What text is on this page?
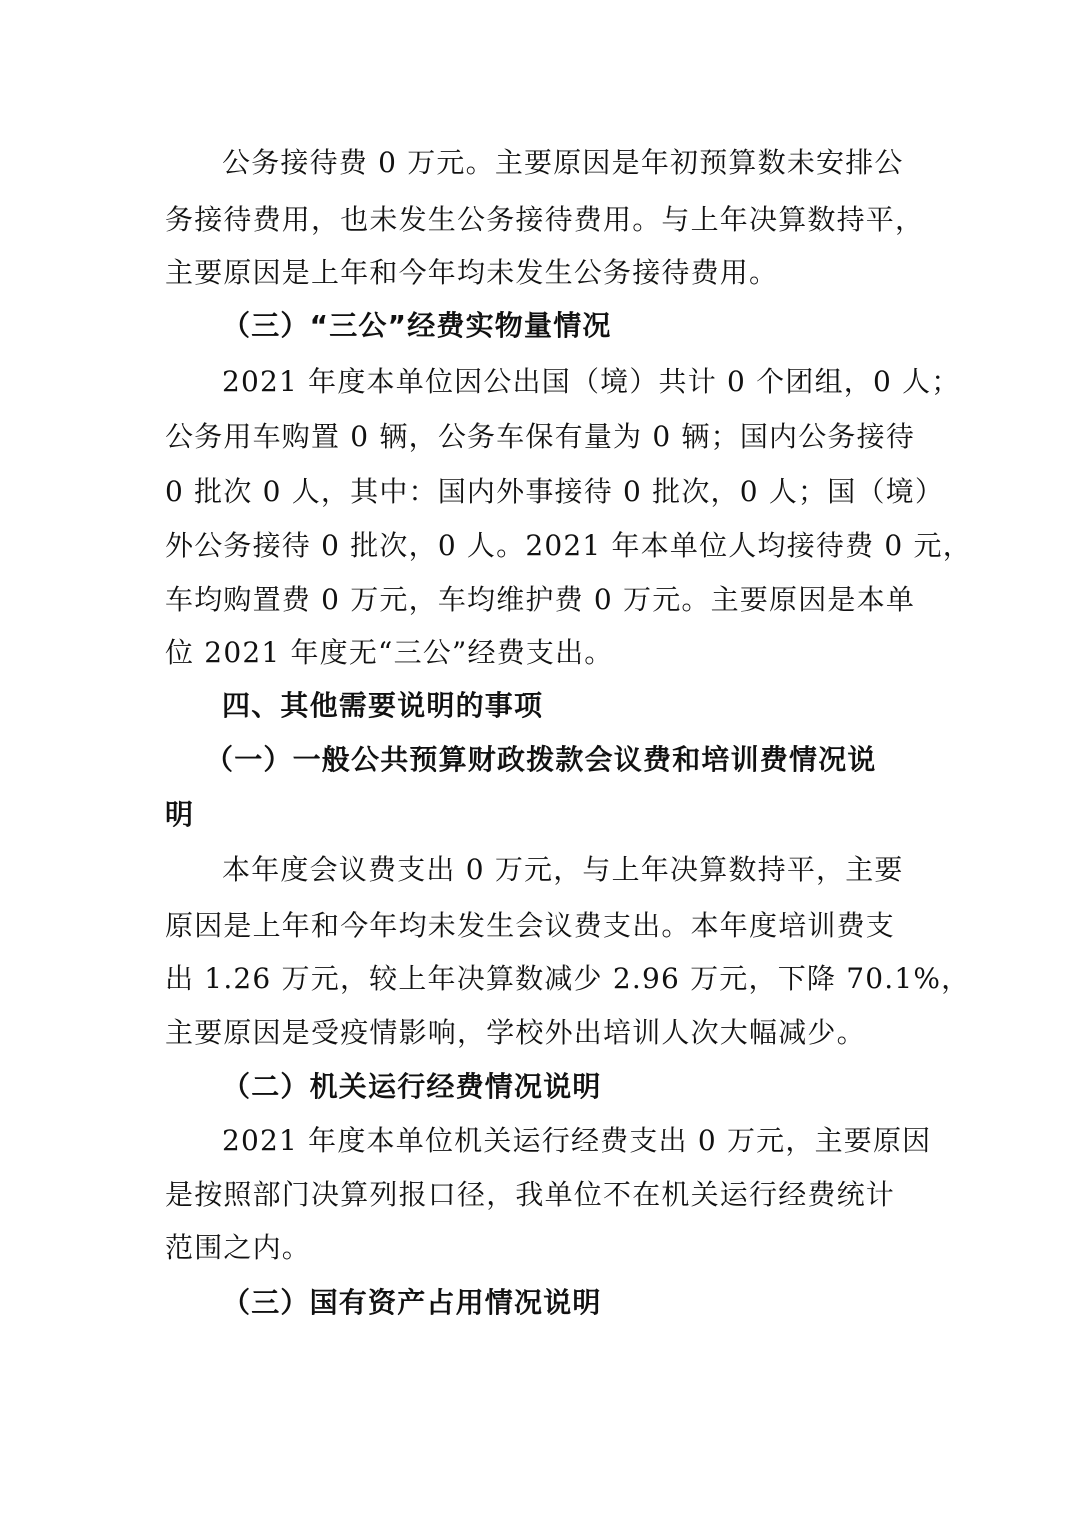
公务接待费 0 万元。主要原因是年初预算数未安排公
务接待费用，也未发生公务接待费用。与上年决算数持平，
主要原因是上年和今年均未发生公务接待费用。
（三）“三公”经费实物量情况
2021 年度本单位因公出国（境）共计 0 个团组，0 人；
公务用车购置 0 辆，公务车保有量为 0 辆；国内公务接待
0 批次 0 人，其中：国内外事接待 0 批次，0 人；国（境）
外公务接待 0 批次，0 人。2021 年本单位人均接待费 0 元，
车均购置费 0 万元，车均维护费 0 万元。主要原因是本单
位 2021 年度无“三公”经费支出。
四、其他需要说明的事项
（一）一般公共预算财政拨款会议费和培训费情况说
明
本年度会议费支出 0 万元，与上年决算数持平，主要
原因是上年和今年均未发生会议费支出。本年度培训费支
出 1.26 万元，较上年决算数减少 2.96 万元，下降 70.1%，
主要原因是受疫情影响，学校外出培训人次大幅减少。
（二）机关运行经费情况说明
2021 年度本单位机关运行经费支出 0 万元，主要原因
是按照部门决算列报口径，我单位不在机关运行经费统计
范围之内。
（三）国有资产占用情况说明
